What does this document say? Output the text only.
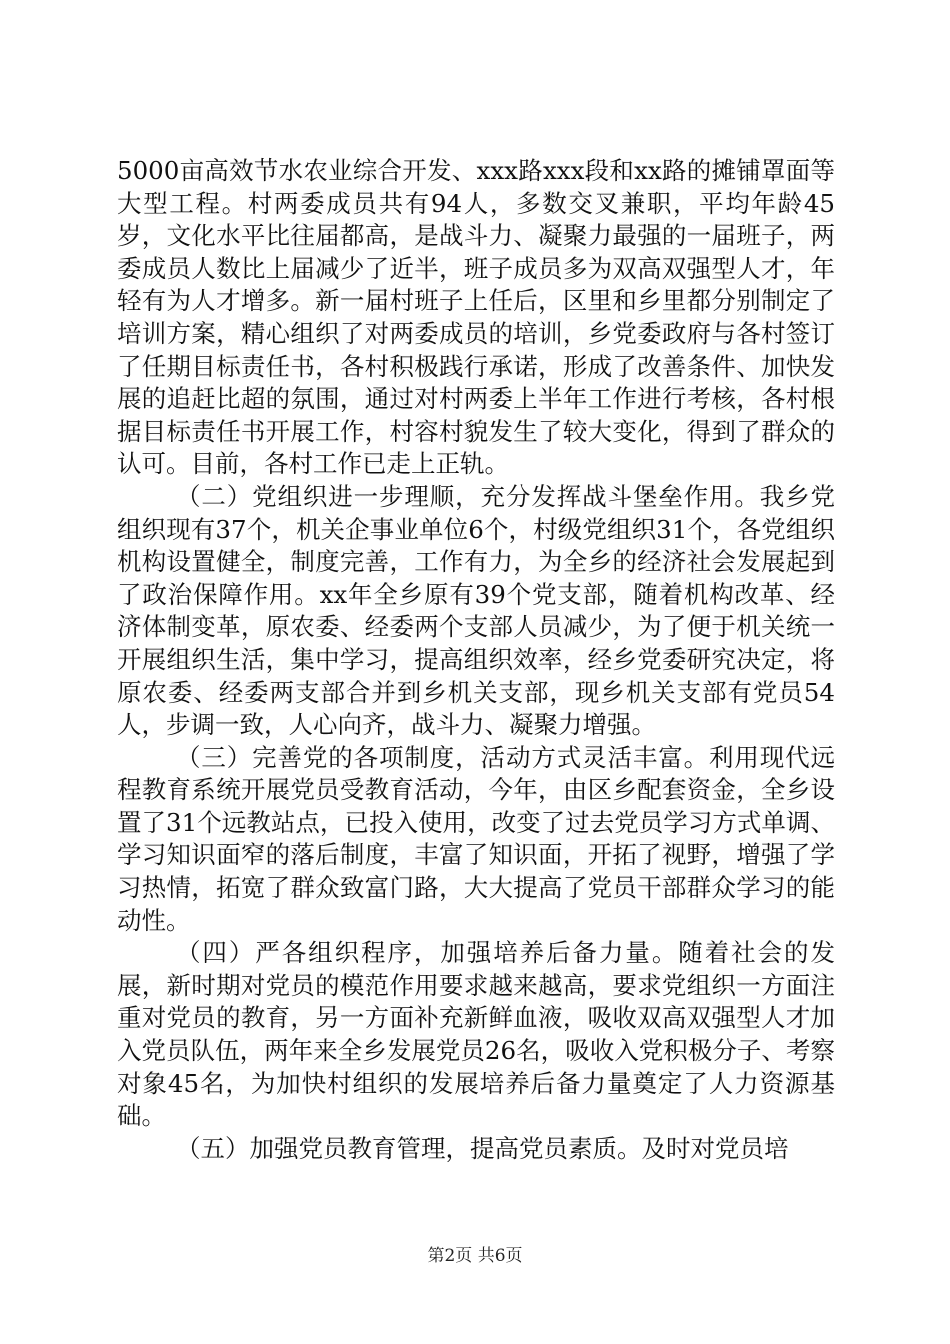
5000亩高效节水农业综合开发、xxx路xxx段和xx路的摊铺罩面等大型工程。村两委成员共有94人，多数交叉兼职，平均年龄45岁，文化水平比往届都高，是战斗力、凝聚力最强的一届班子，两委成员人数比上届减少了近半，班子成员多为双高双强型人才，年轻有为人才增多。新一届村班子上任后，区里和乡里都分别制定了培训方案，精心组织了对两委成员的培训，乡党委政府与各村签订了任期目标责任书，各村积极践行承诺，形成了改善条件、加快发展的追赶比超的氛围，通过对村两委上半年工作进行考核，各村根据目标责任书开展工作，村容村貌发生了较大变化，得到了群众的认可。目前，各村工作已走上正轨。

（二）党组织进一步理顺，充分发挥战斗堡垒作用。我乡党组织现有37个，机关企事业单位6个，村级党组织31个，各党组织机构设置健全，制度完善，工作有力，为全乡的经济社会发展起到了政治保障作用。xx年全乡原有39个党支部，随着机构改革、经济体制变革，原农委、经委两个支部人员减少，为了便于机关统一开展组织生活，集中学习，提高组织效率，经乡党委研究决定，将原农委、经委两支部合并到乡机关支部，现乡机关支部有党员54人，步调一致，人心向齐，战斗力、凝聚力增强。

（三）完善党的各项制度，活动方式灵活丰富。利用现代远程教育系统开展党员受教育活动，今年，由区乡配套资金，全乡设置了31个远教站点，已投入使用，改变了过去党员学习方式单调、学习知识面窄的落后制度，丰富了知识面，开拓了视野，增强了学习热情，拓宽了群众致富门路，大大提高了党员干部群众学习的能动性。

（四）严各组织程序，加强培养后备力量。随着社会的发展，新时期对党员的模范作用要求越来越高，要求党组织一方面注重对党员的教育，另一方面补充新鲜血液，吸收双高双强型人才加入党员队伍，两年来全乡发展党员26名，吸收入党积极分子、考察对象45名，为加快村组织的发展培养后备力量奠定了人力资源基础。

（五）加强党员教育管理，提高党员素质。及时对党员培

第2页 共6页
